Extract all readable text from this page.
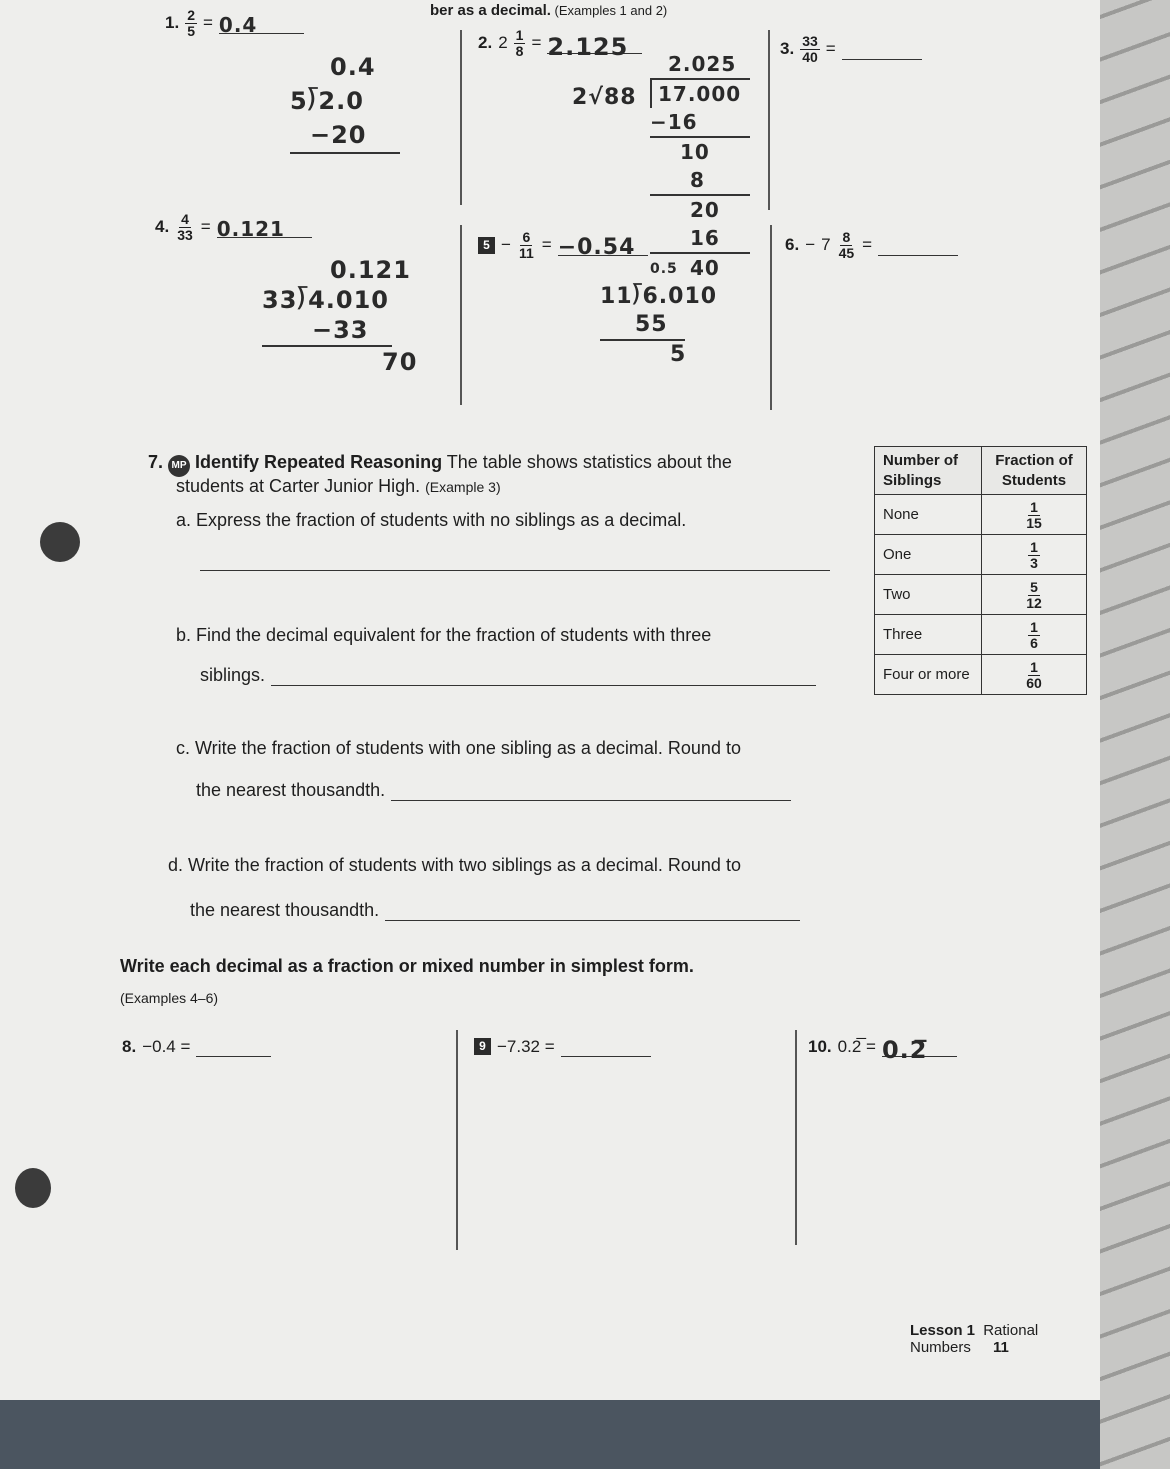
ber as a decimal. (Examples 1 and 2)
1. $\frac{2}{5} = 0.4$
0.4
5⟌2.0
−20
2. $2 \frac{1}{8} = 2.125$
2√88
2.025
17.000
−16
10
8
20
16
40
3. $\frac{33}{40}$ =
4. $\frac{4}{33} = 0.121$
0.121
33⟌4.010
−33
70
$5 - \frac{6}{11} = -0.54$
0.5
11⟌6.010
55
5
6. − $7 \frac{8}{45}$ =
7. MP Identify Repeated Reasoning The table shows statistics about the
students at Carter Junior High. (Example 3)
a. Express the fraction of students with no siblings as a decimal.
b. Find the decimal equivalent for the fraction of students with three
siblings.
Number of
Siblings	Fraction of
Students
None	$\frac{1}{15}$

One	$\frac{1}{3}$

Two	$\frac{5}{12}$

Three	$\frac{1}{6}$

Four or more	$\frac{1}{60}$
c. Write the fraction of students with one sibling as a decimal. Round to
the nearest thousandth.
d. Write the fraction of students with two siblings as a decimal. Round to
the nearest thousandth.
Write each decimal as a fraction or mixed number in simplest form.
(Examples 4–6)
8. −0.4 =	9 −7.32 =	10. 0.2̅ = 0.2̅
Lesson 1 Rational Numbers 11
